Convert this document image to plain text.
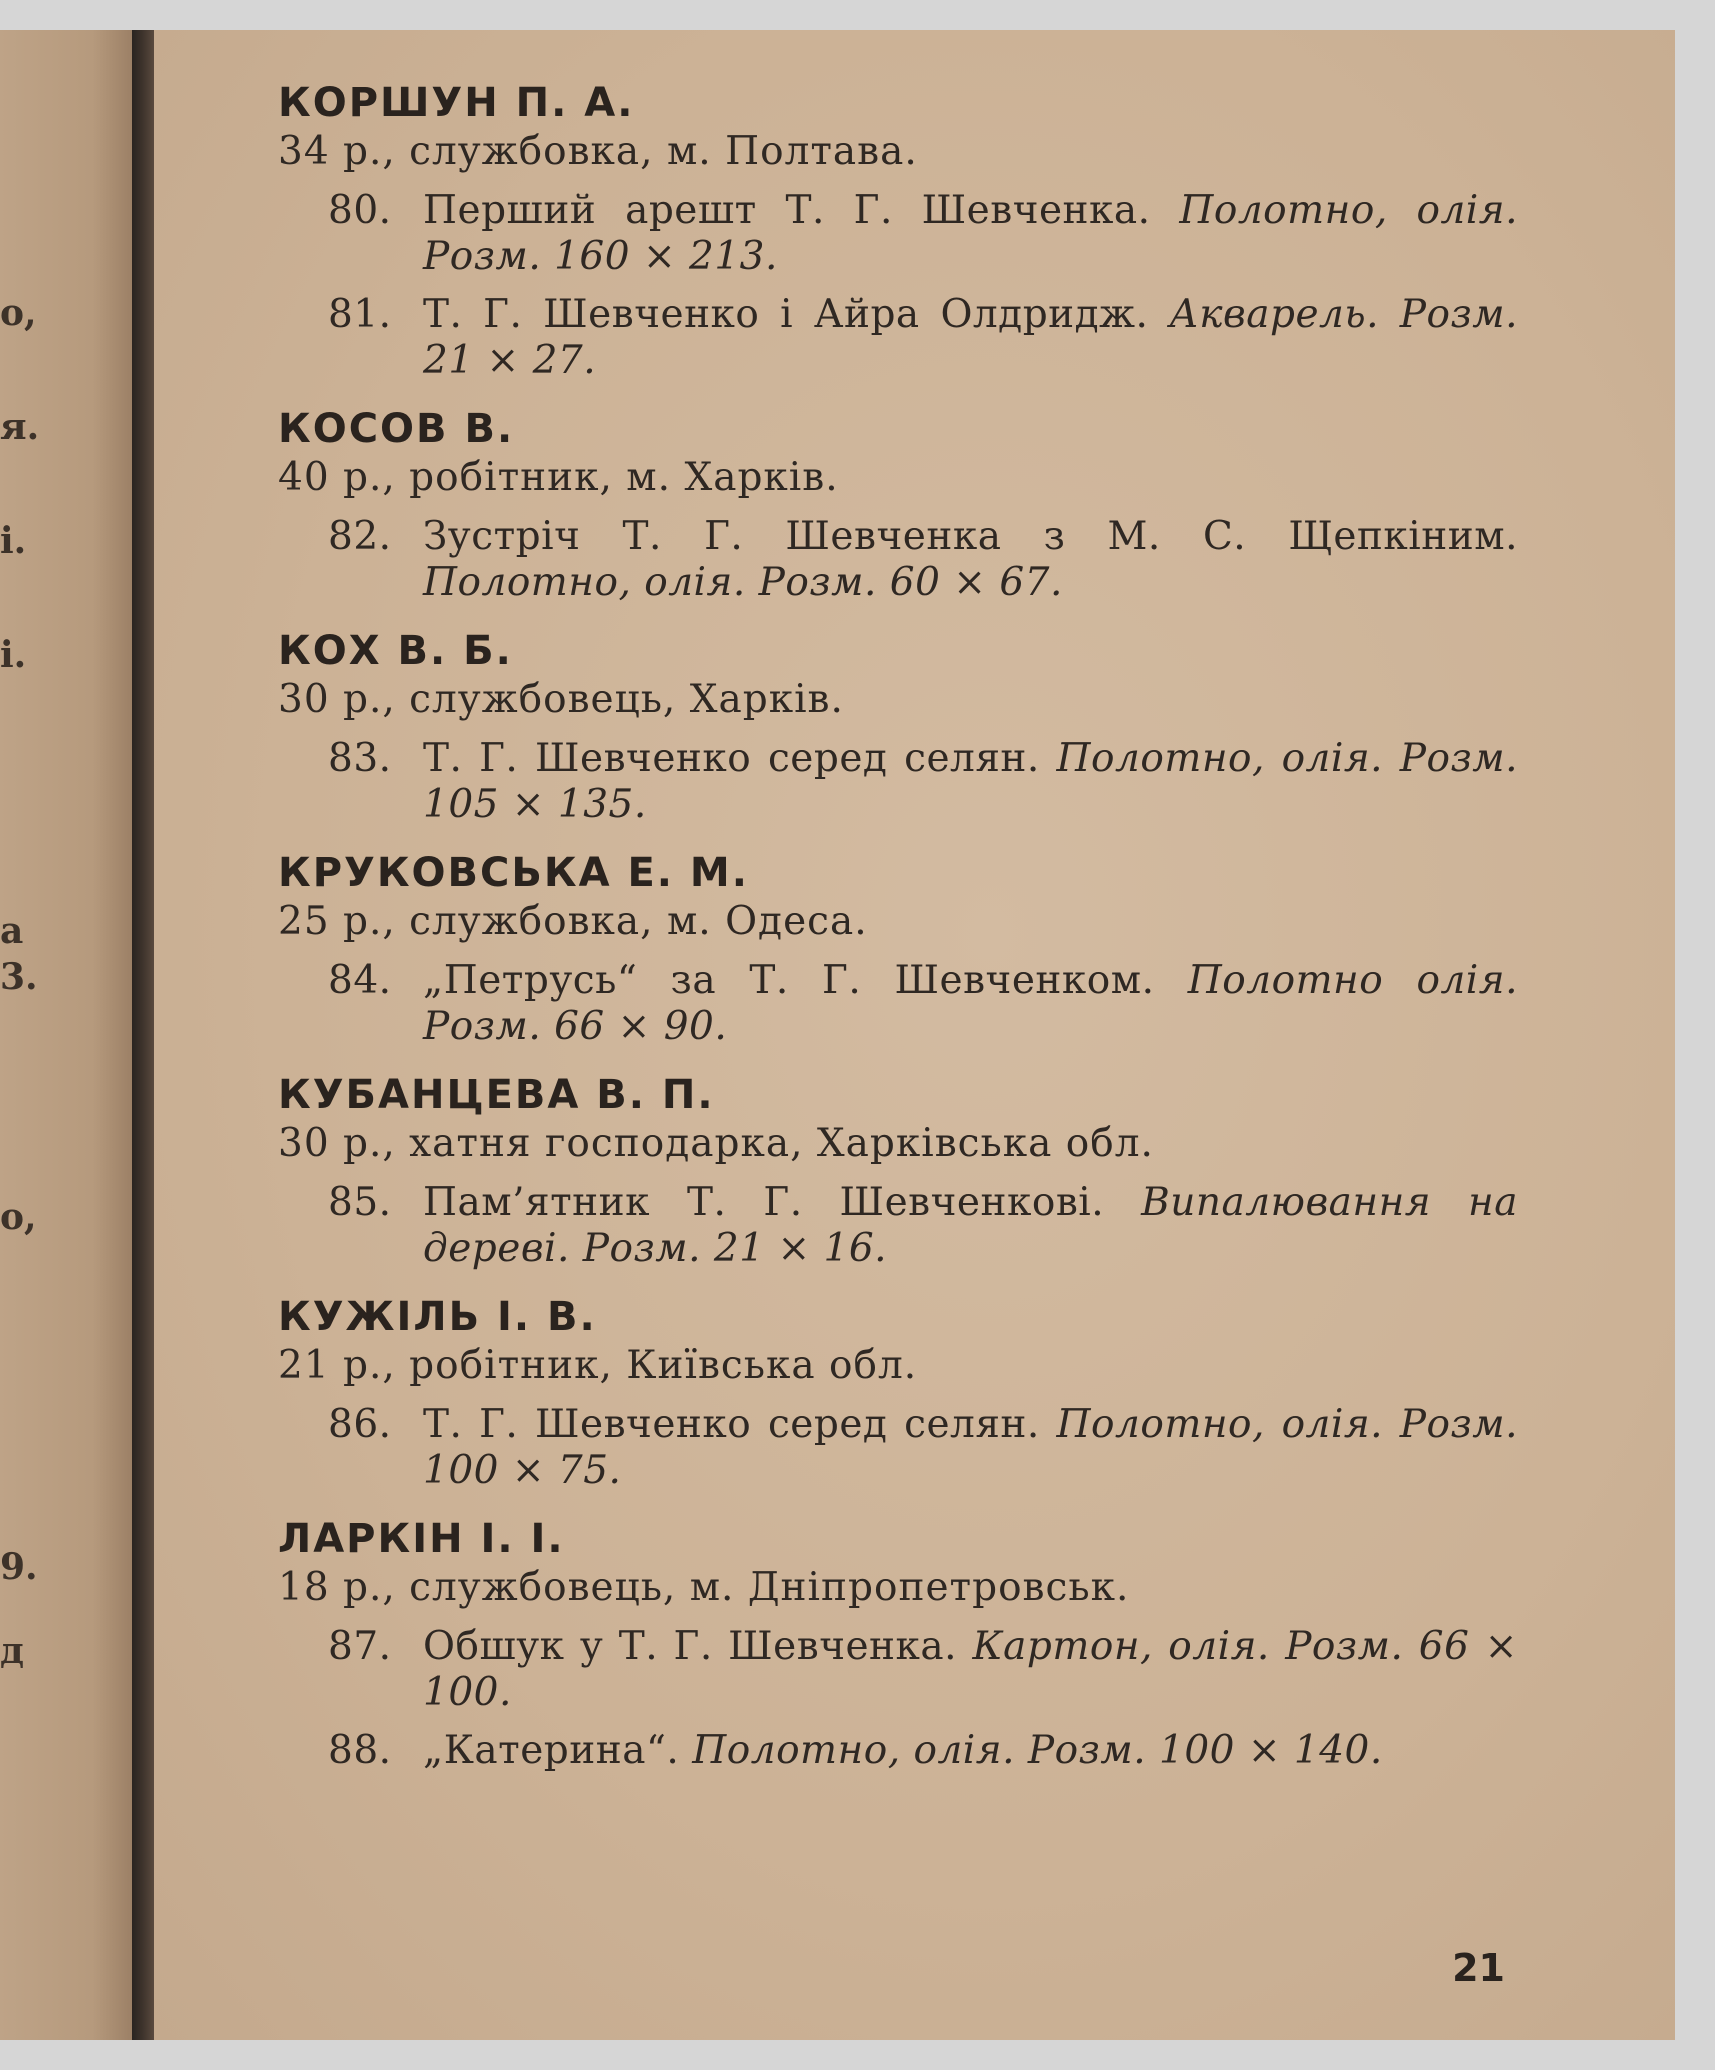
о,
я.
і.
і.
а
3.
о,
9.
д
КОРШУН П. А.
34 р., службовка, м. Полтава.
80. Перший арешт Т. Г. Шевченка. Полотно, олія. Розм. 160 × 213.
81. Т. Г. Шевченко і Айра Олдридж. Акварель. Розм. 21 × 27.
КОСОВ В.
40 р., робітник, м. Харків.
82. Зустріч Т. Г. Шевченка з М. С. Щепкіним. Полотно, олія. Розм. 60 × 67.
КОХ В. Б.
30 р., службовець, Харків.
83. Т. Г. Шевченко серед селян. Полотно, олія. Розм. 105 × 135.
КРУКОВСЬКА Е. М.
25 р., службовка, м. Одеса.
84. „Петрусь“ за Т. Г. Шевченком. Полотно олія. Розм. 66 × 90.
КУБАНЦЕВА В. П.
30 р., хатня господарка, Харківська обл.
85. Пам’ятник Т. Г. Шевченкові. Випалювання на дереві. Розм. 21 × 16.
КУЖІЛЬ І. В.
21 р., робітник, Київська обл.
86. Т. Г. Шевченко серед селян. Полотно, олія. Розм. 100 × 75.
ЛАРКІН І. І.
18 р., службовець, м. Дніпропетровськ.
87. Обшук у Т. Г. Шевченка. Картон, олія. Розм. 66 × 100.
88. „Катерина“. Полотно, олія. Розм. 100 × 140.
21
